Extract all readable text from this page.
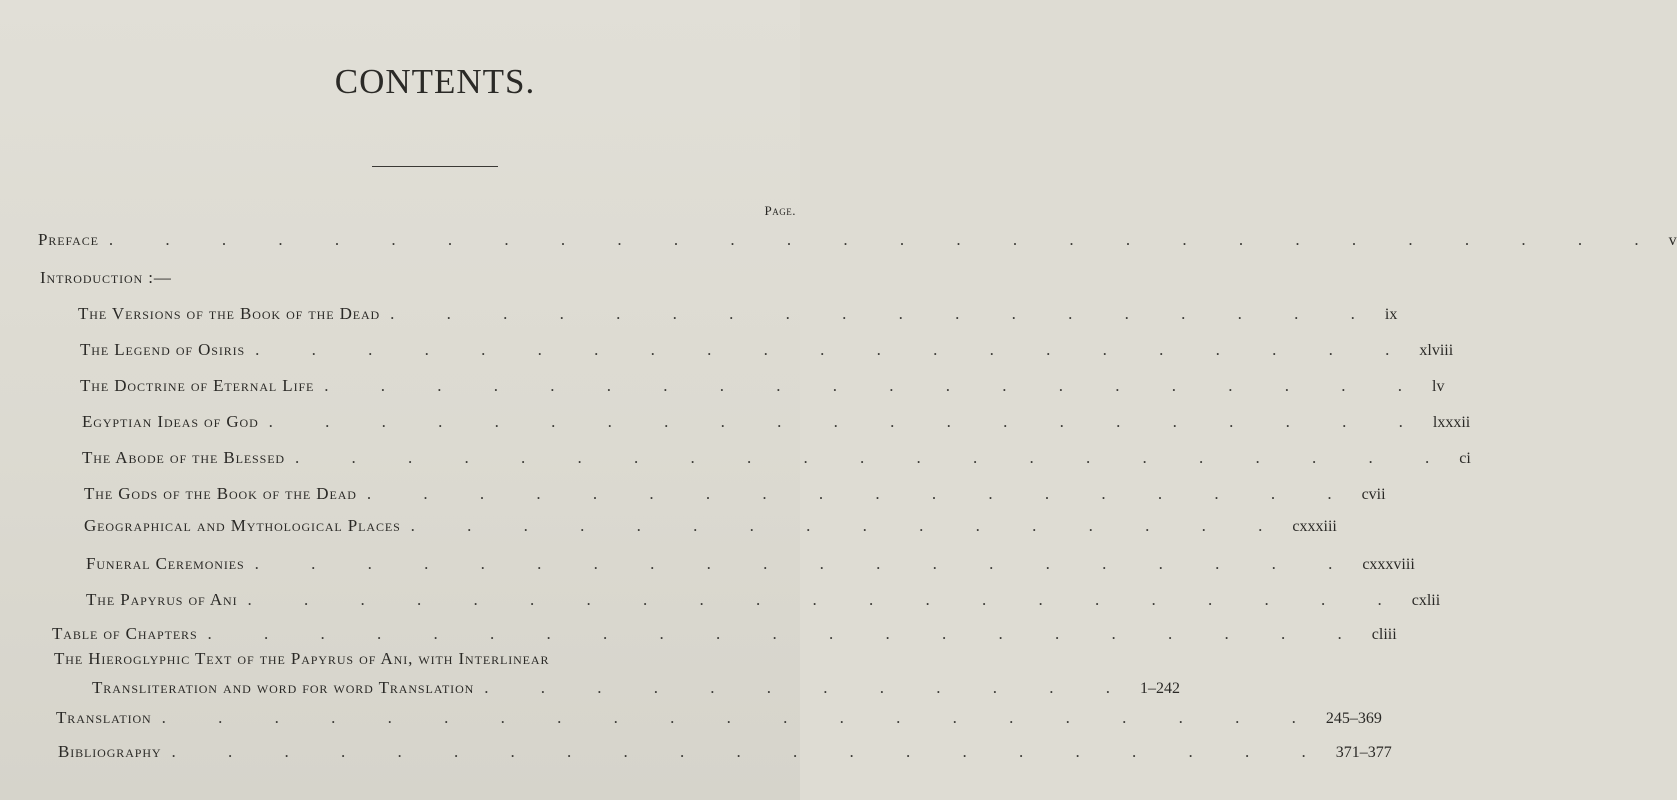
CONTENTS.
Page.
Preface . . . . . . . . . . . . . . . . . . . . . . . . . . . . v
Introduction :—
The Versions of the Book of the Dead . . . . . . . . . . . . . . . . . . ix
The Legend of Osiris . . . . . . . . . . . . . . . . . . . . . xlviii
The Doctrine of Eternal Life . . . . . . . . . . . . . . . . . . . . lv
Egyptian Ideas of God . . . . . . . . . . . . . . . . . . . . . lxxxii
The Abode of the Blessed . . . . . . . . . . . . . . . . . . . . . ci
The Gods of the Book of the Dead . . . . . . . . . . . . . . . . . . cvii
Geographical and Mythological Places . . . . . . . . . . . . . . . . cxxxiii
Funeral Ceremonies . . . . . . . . . . . . . . . . . . . . cxxxviii
The Papyrus of Ani . . . . . . . . . . . . . . . . . . . . . cxlii
Table of Chapters . . . . . . . . . . . . . . . . . . . . . cliii
The Hieroglyphic Text of the Papyrus of Ani, with Interlinear
Transliteration and word for word Translation . . . . . . . . . . . . 1–242
Translation . . . . . . . . . . . . . . . . . . . . . 245–369
Bibliography . . . . . . . . . . . . . . . . . . . . . 371–377
